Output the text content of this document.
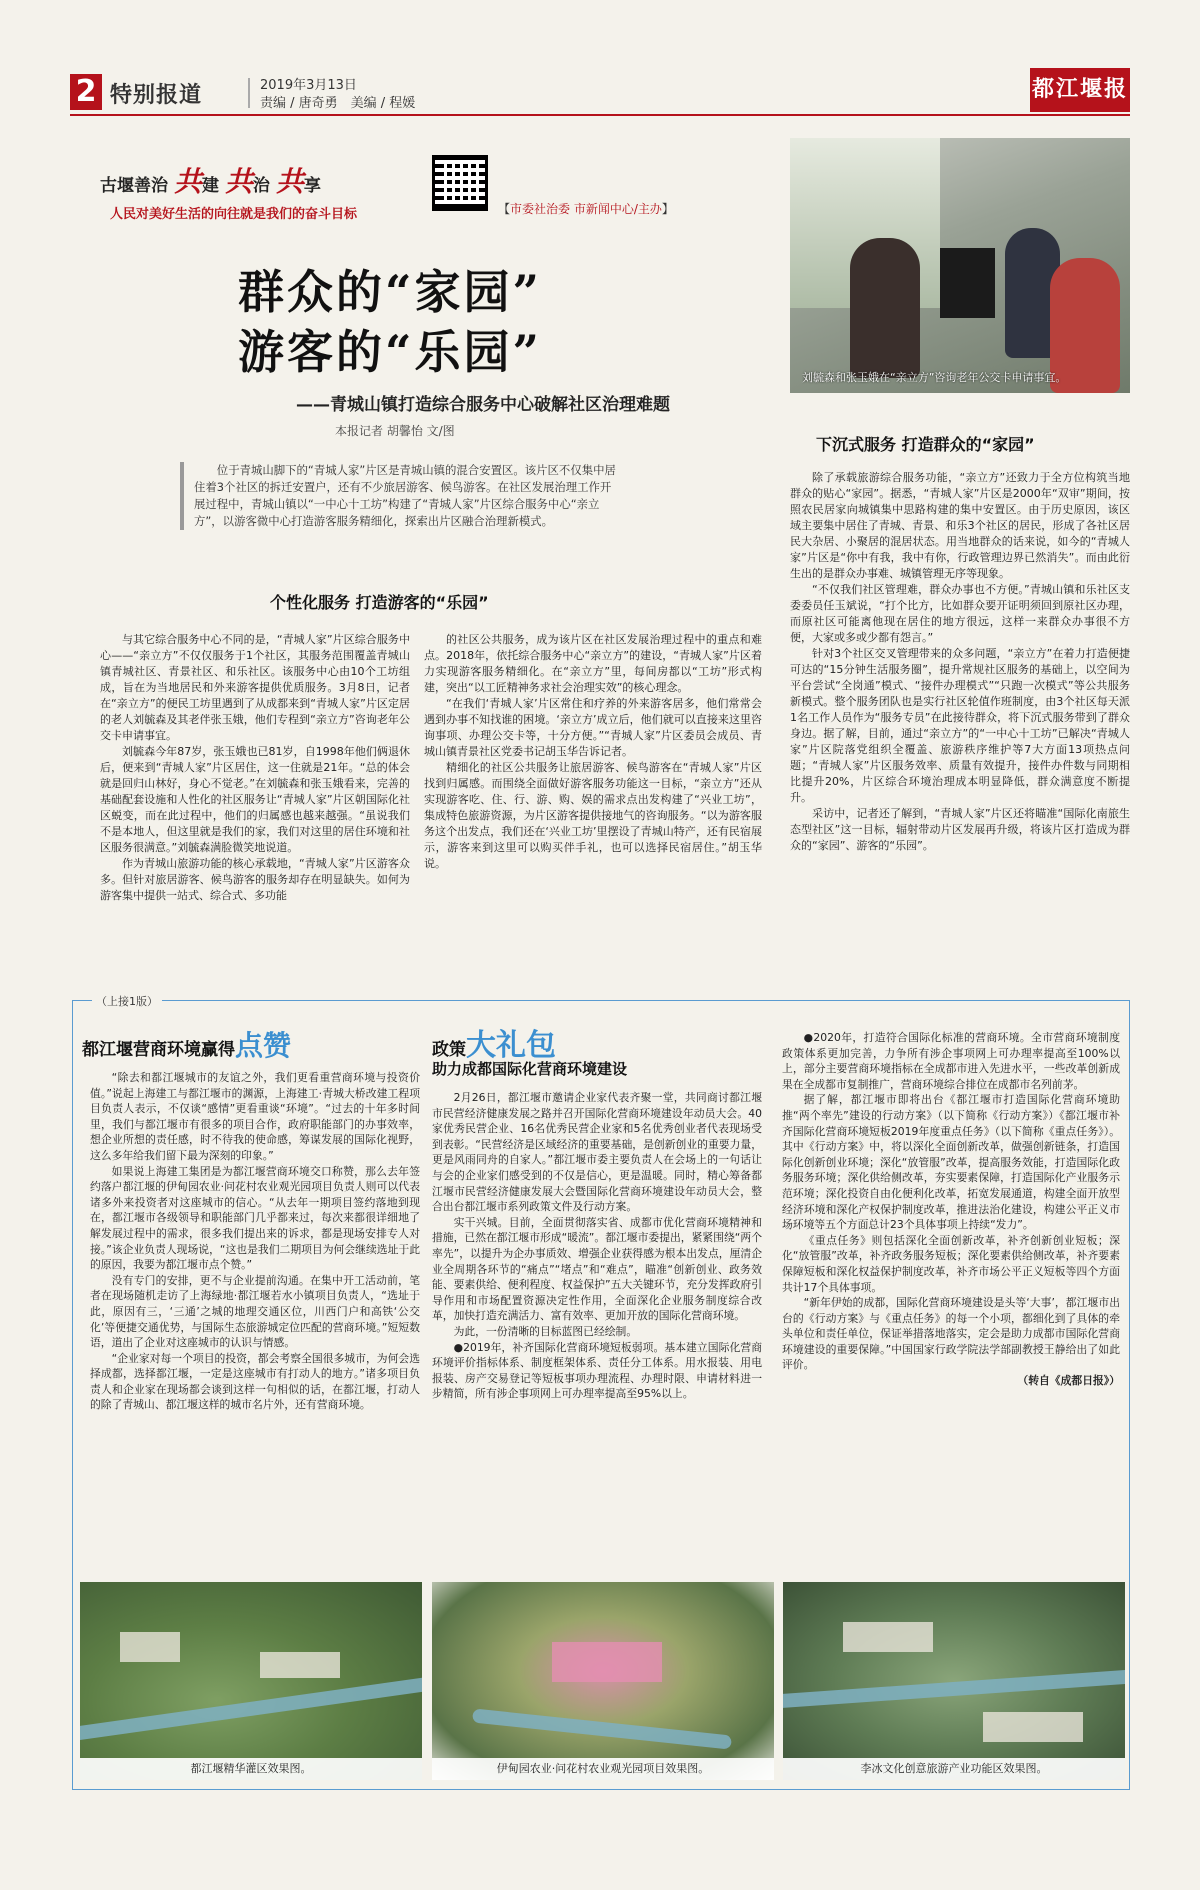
2 特别报道	2019年3月13日
责编 / 唐奇勇　美编 / 程媛
都江堰报
古堰善治 共建 共治 共享
人民对美好生活的向往就是我们的奋斗目标	【市委社治委 市新闻中心/主办】
群众的“家园”
游客的“乐园”
——青城山镇打造综合服务中心破解社区治理难题
本报记者 胡馨怡 文/图
刘毓森和张玉娥在“亲立方”咨询老年公交卡申请事宜。
下沉式服务 打造群众的“家园”
位于青城山脚下的“青城人家”片区是青城山镇的混合安置区。该片区不仅集中居住着3个社区的拆迁安置户，还有不少旅居游客、候鸟游客。在社区发展治理工作开展过程中，青城山镇以“一中心十工坊”构建了“青城人家”片区综合服务中心“亲立方”，以游客微中心打造游客服务精细化，探索出片区融合治理新模式。
个性化服务 打造游客的“乐园”

与其它综合服务中心不同的是，“青城人家”片区综合服务中心——“亲立方”不仅仅服务于1个社区，其服务范围覆盖青城山镇青城社区、青景社区、和乐社区。该服务中心由10个工坊组成，旨在为当地居民和外来游客提供优质服务。3月8日，记者在“亲立方”的便民工坊里遇到了从成都来到“青城人家”片区定居的老人刘毓森及其老伴张玉娥，他们专程到“亲立方”咨询老年公交卡申请事宜。

刘毓森今年87岁，张玉娥也已81岁，自1998年他们俩退休后，便来到“青城人家”片区居住，这一住就是21年。“总的体会就是回归山林好，身心不觉老。”在刘毓森和张玉娥看来，完善的基础配套设施和人性化的社区服务让“青城人家”片区朝国际化社区蜕变，而在此过程中，他们的归属感也越来越强。“虽说我们不是本地人，但这里就是我们的家，我们对这里的居住环境和社区服务很满意。”刘毓森满脸微笑地说道。

作为青城山旅游功能的核心承载地，“青城人家”片区游客众多。但针对旅居游客、候鸟游客的服务却存在明显缺失。如何为游客集中提供一站式、综合式、多功能

的社区公共服务，成为该片区在社区发展治理过程中的重点和难点。2018年，依托综合服务中心“亲立方”的建设，“青城人家”片区着力实现游客服务精细化。在“亲立方”里，每间房都以“工坊”形式构建，突出“以工匠精神务求社会治理实效”的核心理念。

“在我们‘青城人家’片区常住和疗养的外来游客居多，他们常常会遇到办事不知找谁的困境。‘亲立方’成立后，他们就可以直接来这里咨询事项、办理公交卡等，十分方便。”“青城人家”片区委员会成员、青城山镇青景社区党委书记胡玉华告诉记者。

精细化的社区公共服务让旅居游客、候鸟游客在“青城人家”片区找到归属感。而围绕全面做好游客服务功能这一目标，“亲立方”还从实现游客吃、住、行、游、购、娱的需求点出发构建了“兴业工坊”，集成特色旅游资源，为片区游客提供接地气的咨询服务。“以为游客服务这个出发点，我们还在‘兴业工坊’里摆设了青城山特产，还有民宿展示，游客来到这里可以购买伴手礼，也可以选择民宿居住。”胡玉华说。

除了承载旅游综合服务功能，“亲立方”还致力于全方位构筑当地群众的贴心“家园”。据悉，“青城人家”片区是2000年“双审”期间，按照农民居家向城镇集中思路构建的集中安置区。由于历史原因，该区域主要集中居住了青城、青景、和乐3个社区的居民，形成了各社区居民大杂居、小聚居的混居状态。用当地群众的话来说，如今的“青城人家”片区是“你中有我，我中有你，行政管理边界已然消失”。而由此衍生出的是群众办事难、城镇管理无序等现象。

“不仅我们社区管理难，群众办事也不方便。”青城山镇和乐社区支委委员任玉斌说，“打个比方，比如群众要开证明须回到原社区办理，而原社区可能离他现在居住的地方很远，这样一来群众办事很不方便，大家或多或少都有怨言。”

针对3个社区交叉管理带来的众多问题，“亲立方”在着力打造便捷可达的“15分钟生活服务圈”，提升常规社区服务的基础上，以空间为平台尝试“全岗通”模式、“接件办理模式”“只跑一次模式”等公共服务新模式。整个服务团队也是实行社区轮值作班制度，由3个社区每天派1名工作人员作为“服务专员”在此接待群众，将下沉式服务带到了群众身边。据了解，目前，通过“亲立方”的“一中心十工坊”已解决“青城人家”片区院落党组织全覆盖、旅游秩序维护等7大方面13项热点问题；“青城人家”片区服务效率、质量有效提升，接件办件数与同期相比提升20%，片区综合环境治理成本明显降低，群众满意度不断提升。

采访中，记者还了解到，“青城人家”片区还将瞄准“国际化南旅生态型社区”这一目标，辐射带动片区发展再升级，将该片区打造成为群众的“家园”、游客的“乐园”。

（上接1版）
都江堰营商环境赢得点赞	政策大礼包
助力成都国际化营商环境建设

“除去和都江堰城市的友谊之外，我们更看重营商环境与投资价值。”说起上海建工与都江堰市的渊源，上海建工·青城大桥改建工程项目负责人表示，不仅谈“感情”更看重谈“环境”。“过去的十年多时间里，我们与都江堰市有很多的项目合作，政府职能部门的办事效率，想企业所想的责任感，时不待我的使命感，筹谋发展的国际化视野，这么多年给我们留下最为深刻的印象。”

如果说上海建工集团是为都江堰营商环境交口称赞，那么去年签约落户都江堰的伊甸园农业·问花村农业观光园项目负责人则可以代表诸多外来投资者对这座城市的信心。“从去年一期项目签约落地到现在，都江堰市各级领导和职能部门几乎都来过，每次来都很详细地了解发展过程中的需求，很多我们提出来的诉求，都是现场安排专人对接。”该企业负责人现场说，“这也是我们二期项目为何会继续选址于此的原因，我要为都江堰市点个赞。”

没有专门的安排，更不与企业提前沟通。在集中开工活动前，笔者在现场随机走访了上海绿地·都江堰若水小镇项目负责人，“选址于此，原因有三，‘三通’之城的地理交通区位，川西门户和高铁‘公交化’等便捷交通优势，与国际生态旅游城定位匹配的营商环境。”短短数语，道出了企业对这座城市的认识与情感。

“企业家对每一个项目的投资，都会考察全国很多城市，为何会选择成都，选择都江堰，一定是这座城市有打动人的地方。”诸多项目负责人和企业家在现场都会谈到这样一句相似的话，在都江堰，打动人的除了青城山、都江堰这样的城市名片外，还有营商环境。

2月26日，都江堰市邀请企业家代表齐聚一堂，共同商讨都江堰市民营经济健康发展之路并召开国际化营商环境建设年动员大会。40家优秀民营企业、16名优秀民营企业家和5名优秀创业者代表现场受到表彰。“民营经济是区域经济的重要基础，是创新创业的重要力量，更是风雨同舟的自家人。”都江堰市委主要负责人在会场上的一句话让与会的企业家们感受到的不仅是信心，更是温暖。同时，精心筹备都江堰市民营经济健康发展大会暨国际化营商环境建设年动员大会，整合出台都江堰市系列政策文件及行动方案。

实干兴城。目前，全面贯彻落实省、成都市优化营商环境精神和措施，已然在都江堰市形成“暖流”。都江堰市委提出，紧紧围绕“两个率先”，以提升为企办事质效、增强企业获得感为根本出发点，厘清企业全周期各环节的“痛点”“堵点”和“难点”，瞄准“创新创业、政务效能、要素供给、便利程度、权益保护”五大关键环节，充分发挥政府引导作用和市场配置资源决定性作用，全面深化企业服务制度综合改革，加快打造充满活力、富有效率、更加开放的国际化营商环境。

为此，一份清晰的目标蓝图已经绘制。

●2019年，补齐国际化营商环境短板弱项。基本建立国际化营商环境评价指标体系、制度框架体系、责任分工体系。用水报装、用电报装、房产交易登记等短板事项办理流程、办理时限、申请材料进一步精简，所有涉企事项网上可办理率提高至95%以上。

●2020年，打造符合国际化标准的营商环境。全市营商环境制度政策体系更加完善，力争所有涉企事项网上可办理率提高至100%以上，部分主要营商环境指标在全成都市进入先进水平，一些改革创新成果在全成都市复制推广，营商环境综合排位在成都市名列前茅。

据了解，都江堰市即将出台《都江堰市打造国际化营商环境助推“两个率先”建设的行动方案》（以下简称《行动方案》）《都江堰市补齐国际化营商环境短板2019年度重点任务》（以下简称《重点任务》）。其中《行动方案》中，将以深化全面创新改革，做强创新链条，打造国际化创新创业环境；深化“放管服”改革，提高服务效能，打造国际化政务服务环境；深化供给侧改革，夯实要素保障，打造国际化产业服务示范环境；深化投资自由化便利化改革，拓宽发展通道，构建全面开放型经济环境和深化产权保护制度改革，推进法治化建设，构建公平正义市场环境等五个方面总计23个具体事项上持续“发力”。

《重点任务》则包括深化全面创新改革，补齐创新创业短板；深化“放管服”改革，补齐政务服务短板；深化要素供给侧改革，补齐要素保障短板和深化权益保护制度改革，补齐市场公平正义短板等四个方面共计17个具体事项。

“新年伊始的成都，国际化营商环境建设是头等‘大事’，都江堰市出台的《行动方案》与《重点任务》的每一个小项，都细化到了具体的牵头单位和责任单位，保证举措落地落实，定会是助力成都市国际化营商环境建设的重要保障。”中国国家行政学院法学部副教授王静给出了如此评价。

（转自《成都日报》）

都江堰精华灌区效果图。	伊甸园农业·问花村农业观光园项目效果图。	李冰文化创意旅游产业功能区效果图。
